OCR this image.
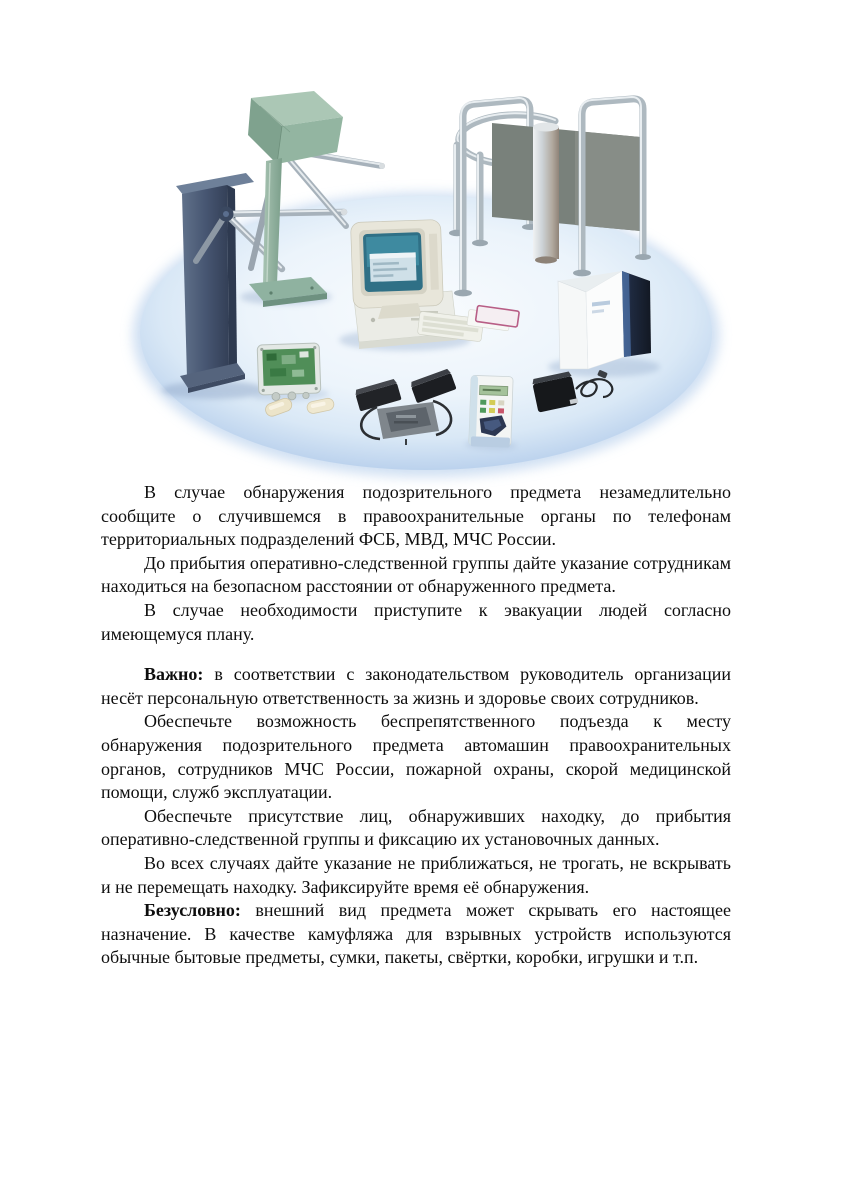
В случае обнаружения подозрительного предмета незамедлительно сообщите о случившемся в правоохранительные органы по телефонам территориальных подразделений ФСБ, МВД, МЧС России.

До прибытия оперативно-следственной группы дайте указание сотрудникам находиться на безопасном расстоянии от обнаруженного предмета.

В случае необходимости приступите к эвакуации людей согласно имеющемуся плану.

Важно: в соответствии с законодательством руководитель организации несёт персональную ответственность за жизнь и здоровье своих сотрудников.

Обеспечьте возможность беспрепятственного подъезда к месту обнаружения подозрительного предмета автомашин правоохранительных органов, сотрудников МЧС России, пожарной охраны, скорой медицинской помощи, служб эксплуатации.

Обеспечьте присутствие лиц, обнаруживших находку, до прибытия оперативно-следственной группы и фиксацию их установочных данных.

Во всех случаях дайте указание не приближаться, не трогать, не вскрывать и не перемещать находку. Зафиксируйте время её обнаружения.

Безусловно: внешний вид предмета может скрывать его настоящее назначение. В качестве камуфляжа для взрывных устройств используются обычные бытовые предметы, сумки, пакеты, свёртки, коробки, игрушки и т.п.
